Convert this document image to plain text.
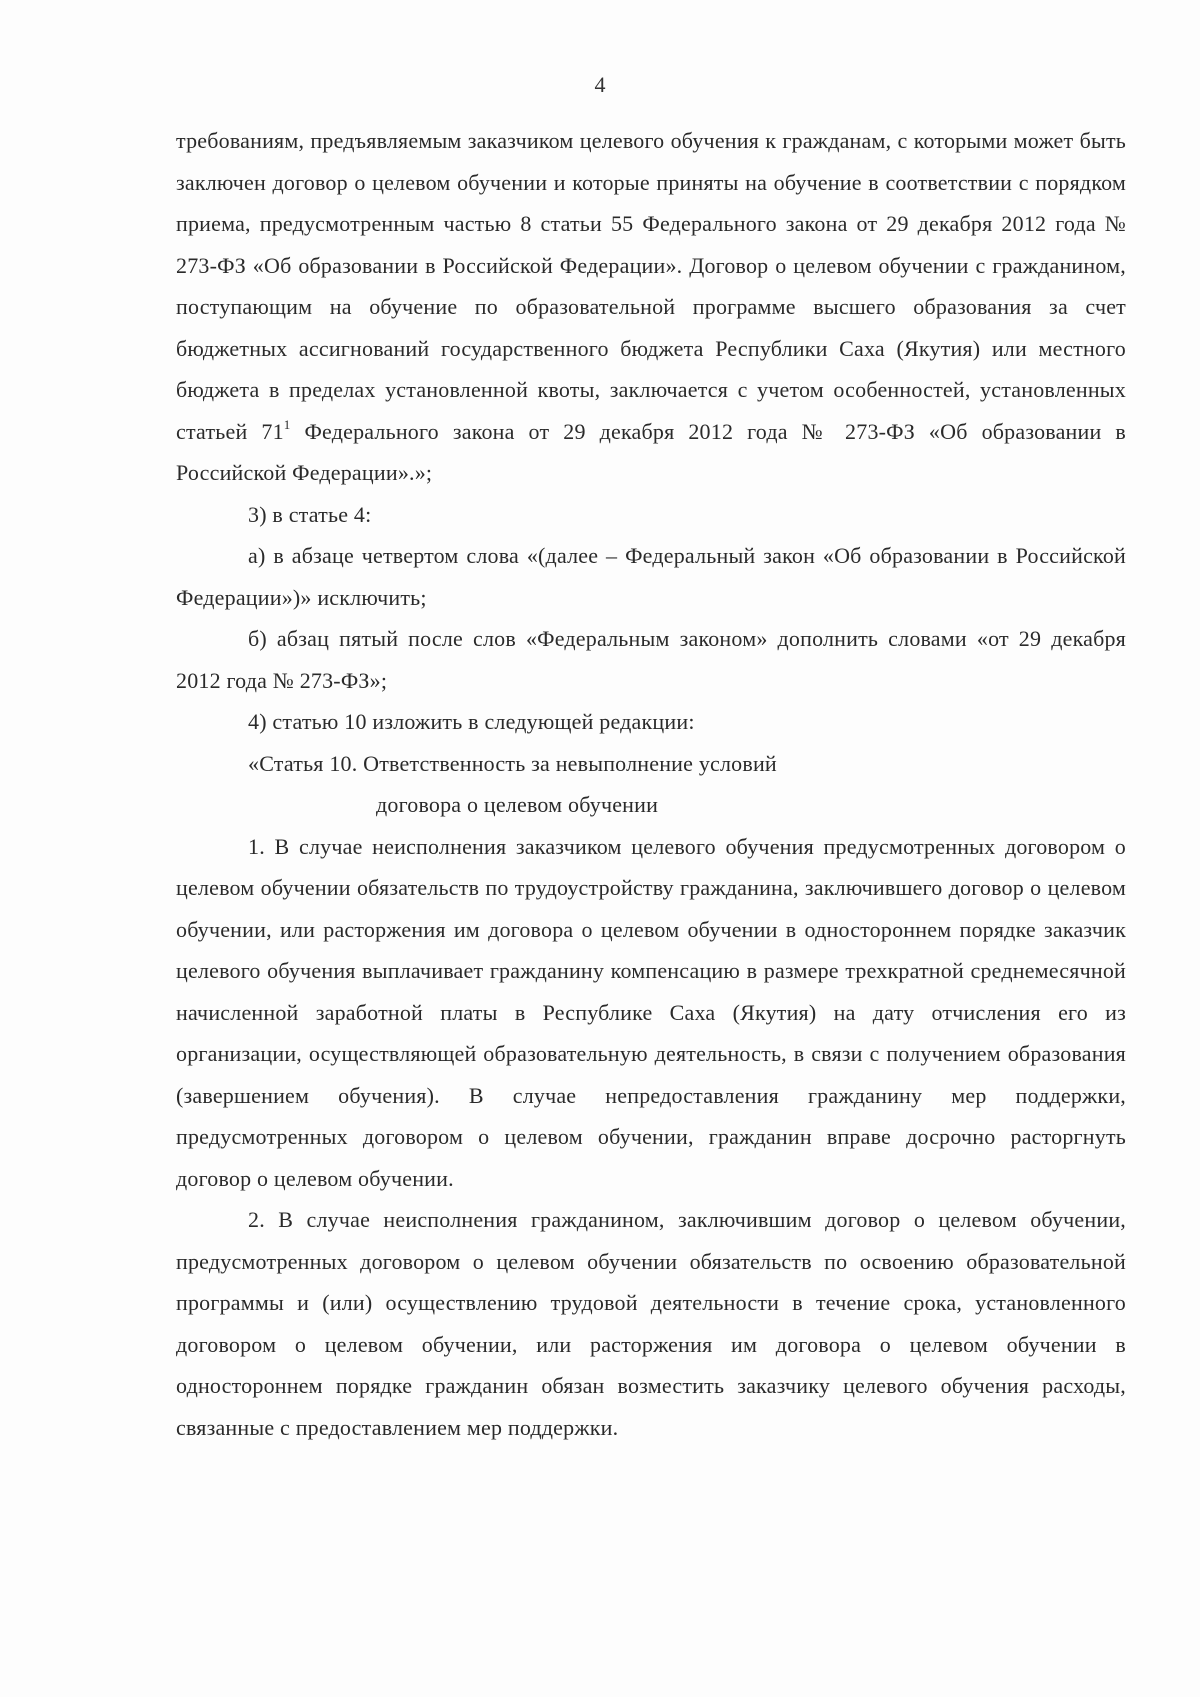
4

требованиям, предъявляемым заказчиком целевого обучения к гражданам, с которыми может быть заключен договор о целевом обучении и которые приняты на обучение в соответствии с порядком приема, предусмотренным частью 8 статьи 55 Федерального закона от 29 декабря 2012 года № 273-ФЗ «Об образовании в Российской Федерации». Договор о целевом обучении с гражданином, поступающим на обучение по образовательной программе высшего образования за счет бюджетных ассигнований государственного бюджета Республики Саха (Якутия) или местного бюджета в пределах установленной квоты, заключается с учетом особенностей, установленных статьей $71^1$ Федерального закона от 29 декабря 2012 года № 273-ФЗ «Об образовании в Российской Федерации».»;

3) в статье 4:

а) в абзаце четвертом слова «(далее – Федеральный закон «Об образовании в Российской Федерации»)» исключить;

б) абзац пятый после слов «Федеральным законом» дополнить словами «от 29 декабря 2012 года № 273-ФЗ»;

4) статью 10 изложить в следующей редакции:

«Статья 10. Ответственность за невыполнение условий
договора о целевом обучении

1. В случае неисполнения заказчиком целевого обучения предусмотренных договором о целевом обучении обязательств по трудоустройству гражданина, заключившего договор о целевом обучении, или расторжения им договора о целевом обучении в одностороннем порядке заказчик целевого обучения выплачивает гражданину компенсацию в размере трехкратной среднемесячной начисленной заработной платы в Республике Саха (Якутия) на дату отчисления его из организации, осуществляющей образовательную деятельность, в связи с получением образования (завершением обучения). В случае непредоставления гражданину мер поддержки, предусмотренных договором о целевом обучении, гражданин вправе досрочно расторгнуть договор о целевом обучении.

2. В случае неисполнения гражданином, заключившим договор о целевом обучении, предусмотренных договором о целевом обучении обязательств по освоению образовательной программы и (или) осуществлению трудовой деятельности в течение срока, установленного договором о целевом обучении, или расторжения им договора о целевом обучении в одностороннем порядке гражданин обязан возместить заказчику целевого обучения расходы, связанные с предоставлением мер поддержки.
